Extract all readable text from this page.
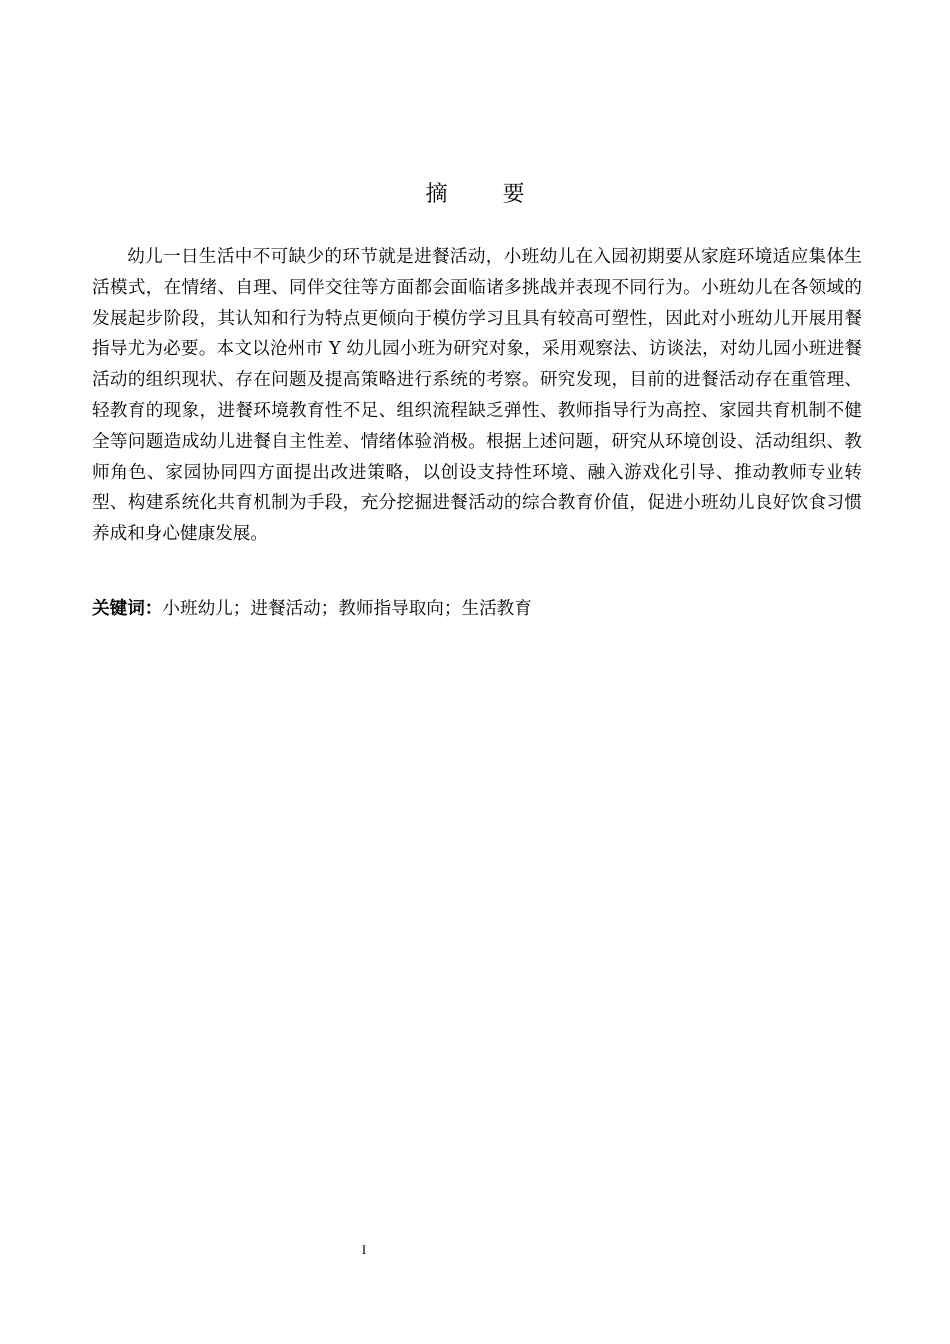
摘 要

幼儿一日生活中不可缺少的环节就是进餐活动，小班幼儿在入园初期要从家庭环境适应集体生活模式，在情绪、自理、同伴交往等方面都会面临诸多挑战并表现不同行为。小班幼儿在各领域的发展起步阶段，其认知和行为特点更倾向于模仿学习且具有较高可塑性，因此对小班幼儿开展用餐指导尤为必要。本文以沧州市 Y 幼儿园小班为研究对象，采用观察法、访谈法，对幼儿园小班进餐活动的组织现状、存在问题及提高策略进行系统的考察。研究发现，目前的进餐活动存在重管理、轻教育的现象，进餐环境教育性不足、组织流程缺乏弹性、教师指导行为高控、家园共育机制不健全等问题造成幼儿进餐自主性差、情绪体验消极。根据上述问题，研究从环境创设、活动组织、教师角色、家园协同四方面提出改进策略，以创设支持性环境、融入游戏化引导、推动教师专业转型、构建系统化共育机制为手段，充分挖掘进餐活动的综合教育价值，促进小班幼儿良好饮食习惯养成和身心健康发展。

关键词：小班幼儿；进餐活动；教师指导取向；生活教育

I
